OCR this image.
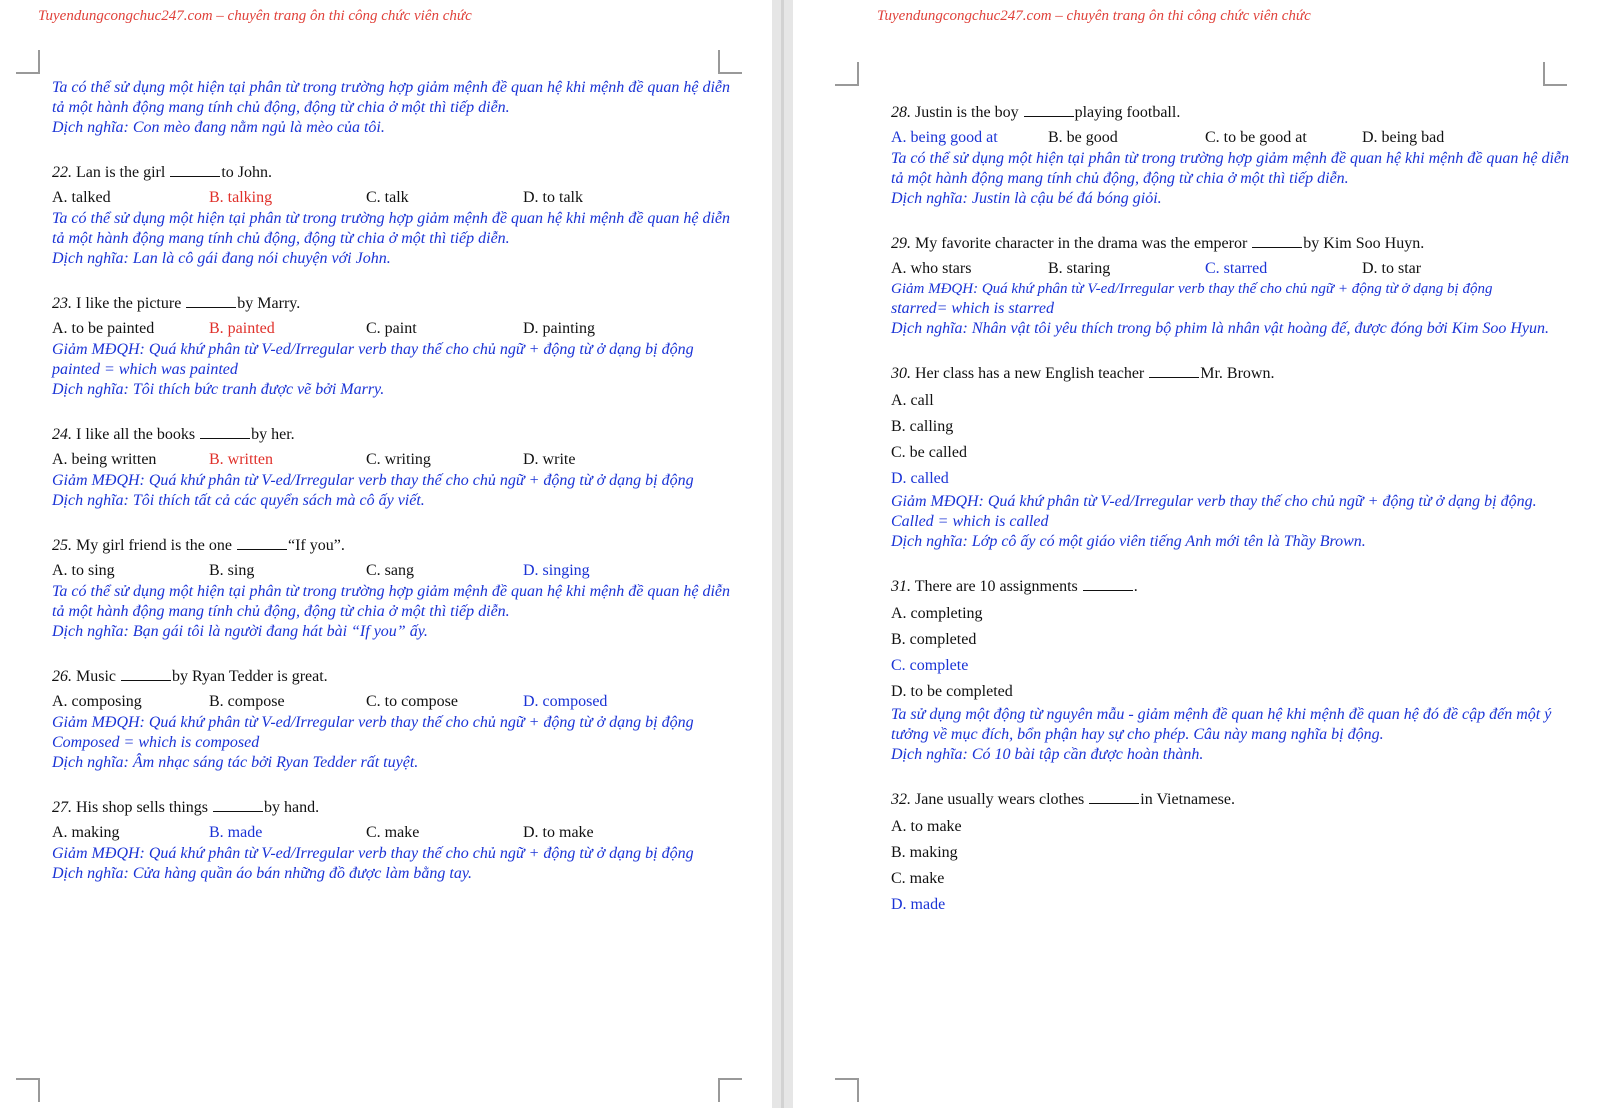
Tuyendungcongchuc247.com – chuyên trang ôn thi công chức viên chức

Ta có thể sử dụng một hiện tại phân từ trong trường hợp giảm mệnh đề quan hệ khi mệnh đề quan hệ diễn tả một hành động mang tính chủ động, động từ chia ở một thì tiếp diễn.

Dịch nghĩa: Con mèo đang nằm ngủ là mèo của tôi.

22. Lan is the girl	to John.

A. talked	B. talking	C. talk	D. to talk

Ta có thể sử dụng một hiện tại phân từ trong trường hợp giảm mệnh đề quan hệ khi mệnh đề quan hệ diễn tả một hành động mang tính chủ động, động từ chia ở một thì tiếp diễn.

Dịch nghĩa: Lan là cô gái đang nói chuyện với John.

23. I like the picture	by Marry.

A. to be painted	B. painted	C. paint	D. painting

Giảm MĐQH: Quá khứ phân từ V-ed/Irregular verb thay thế cho chủ ngữ + động từ ở dạng bị động

painted = which was painted

Dịch nghĩa: Tôi thích bức tranh được vẽ bởi Marry.

24. I like all the books	by her.

A. being written	B. written	C. writing	D. write

Giảm MĐQH: Quá khứ phân từ V-ed/Irregular verb thay thế cho chủ ngữ + động từ ở dạng bị động

Dịch nghĩa: Tôi thích tất cả các quyển sách mà cô ấy viết.

25. My girl friend is the one	“If you”.

A. to sing	B. sing	C. sang	D. singing

Ta có thể sử dụng một hiện tại phân từ trong trường hợp giảm mệnh đề quan hệ khi mệnh đề quan hệ diễn tả một hành động mang tính chủ động, động từ chia ở một thì tiếp diễn.

Dịch nghĩa: Bạn gái tôi là người đang hát bài “If you” ấy.

26. Music	by Ryan Tedder is great.

A. composing	B. compose	C. to compose	D. composed

Giảm MĐQH: Quá khứ phân từ V-ed/Irregular verb thay thế cho chủ ngữ + động từ ở dạng bị động

Composed = which is composed

Dịch nghĩa: Âm nhạc sáng tác bởi Ryan Tedder rất tuyệt.

27. His shop sells things	by hand.

A. making	B. made	C. make	D. to make

Giảm MĐQH: Quá khứ phân từ V-ed/Irregular verb thay thế cho chủ ngữ + động từ ở dạng bị động

Dịch nghĩa: Cửa hàng quần áo bán những đồ được làm bằng tay.

Tuyendungcongchuc247.com – chuyên trang ôn thi công chức viên chức

28. Justin is the boy	playing football.

A. being good at	B. be good	C. to be good at	D. being bad

Ta có thể sử dụng một hiện tại phân từ trong trường hợp giảm mệnh đề quan hệ khi mệnh đề quan hệ diễn tả một hành động mang tính chủ động, động từ chia ở một thì tiếp diễn.

Dịch nghĩa: Justin là cậu bé đá bóng giỏi.

29. My favorite character in the drama was the emperor	by Kim Soo Huyn.

A. who stars	B. staring	C. starred	D. to star

Giảm MĐQH: Quá khứ phân từ V-ed/Irregular verb thay thế cho chủ ngữ + động từ ở dạng bị động

starred= which is starred

Dịch nghĩa: Nhân vật tôi yêu thích trong bộ phim là nhân vật hoàng đế, được đóng bởi Kim Soo Hyun.

30. Her class has a new English teacher	Mr. Brown.

A. call
B. calling
C. be called
D. called

Giảm MĐQH: Quá khứ phân từ V-ed/Irregular verb thay thế cho chủ ngữ + động từ ở dạng bị động.

Called = which is called

Dịch nghĩa: Lớp cô ấy có một giáo viên tiếng Anh mới tên là Thầy Brown.

31. There are 10 assignments	.

A. completing
B. completed
C. complete
D. to be completed

Ta sử dụng một động từ nguyên mẫu - giảm mệnh đề quan hệ khi mệnh đề quan hệ đó đề cập đến một ý tưởng về mục đích, bổn phận hay sự cho phép. Câu này mang nghĩa bị động.

Dịch nghĩa: Có 10 bài tập cần được hoàn thành.

32. Jane usually wears clothes	in Vietnamese.

A. to make
B. making
C. make
D. made
